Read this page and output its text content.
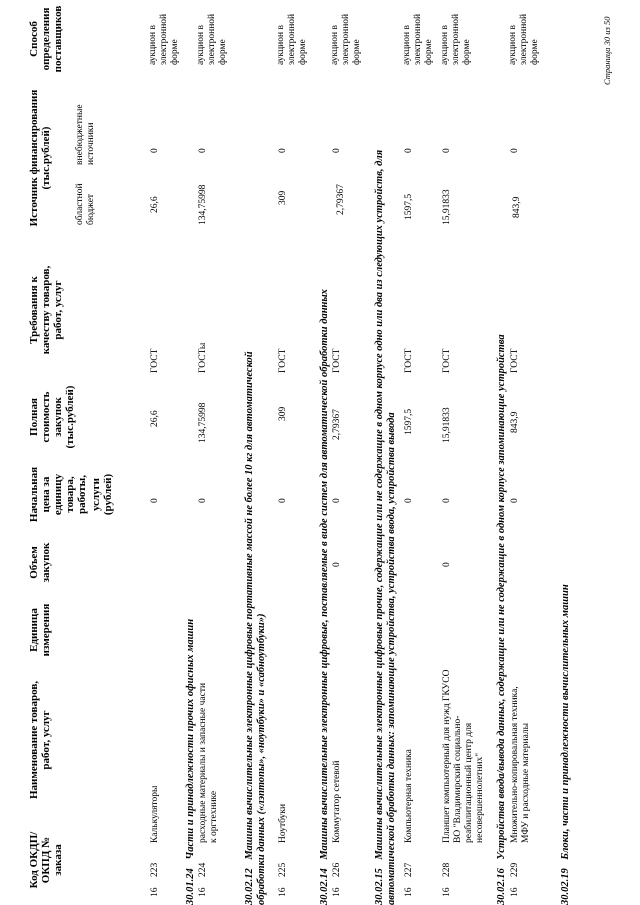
Код ОКДП/ ОКПД № заказа
Наименование товаров, работ, услуг
Единица измерения
Объем закупок
Начальная цена за единицу товара, работы, услуги (рублей)
Полная стоимость закупок (тыс.рублей)
Требования к качеству товаров, работ, услуг
Источник финансирования (тыс.рублей)
областной бюджет
внебюджетные источники
Способ определения поставщиков
16
223
Калькуляторы
0
26,6
ГОСТ
26,6
0
аукцион в электронной форме
30.01.24 Части и принадлежности прочих офисных машин
16
224
расходные материалы и запасные части к оргтехнике
0
134,75998
ГОСТы
134,75998
0
аукцион в электронной форме
30.02.12 Машины вычислительные электронные цифровые портативные массой не более 10 кг для автоматической обработки данных («лэптопы», «ноутбуки» и «сабноутбуки») 16
225
Ноутбуки
0
309
ГОСТ
309
0
аукцион в электронной форме
30.02.14 Машины вычислительные электронные цифровые, поставляемые в виде систем для автоматической обработки данных
16
226
Коммутатор сетевой
0
0
2,79367
ГОСТ
2,79367
0
аукцион в электронной форме
30.02.15 Машины вычислительные электронные цифровые прочие, содержащие или не содержащие в одном корпусе одно или два из следующих устройств, для автоматической обработки данных: запоминающие устройства, устройства ввода, устройства вывода 16
227
Компьютерная техника
0
1597,5
ГОСТ
1597,5
0
аукцион в электронной форме
16
228
Планшет компьютерный для нужд ГКУСО ВО "Владимирский социально-реабилитационный центр для несовершеннолетних"
0
0
15,91833
ГОСТ
15,91833
0
аукцион в электронной форме
30.02.16 Устройства ввода/вывода данных, содержащие или не содержащие в одном корпусе запоминающие устройства
16
229
Множительно-копировальная техника, МФУ и расходные материалы
0
843,9
ГОСТ
843,9
0
аукцион в электронной форме
30.02.19 Блоки, части и принадлежности вычислительных машин
Страница 30 из 50
